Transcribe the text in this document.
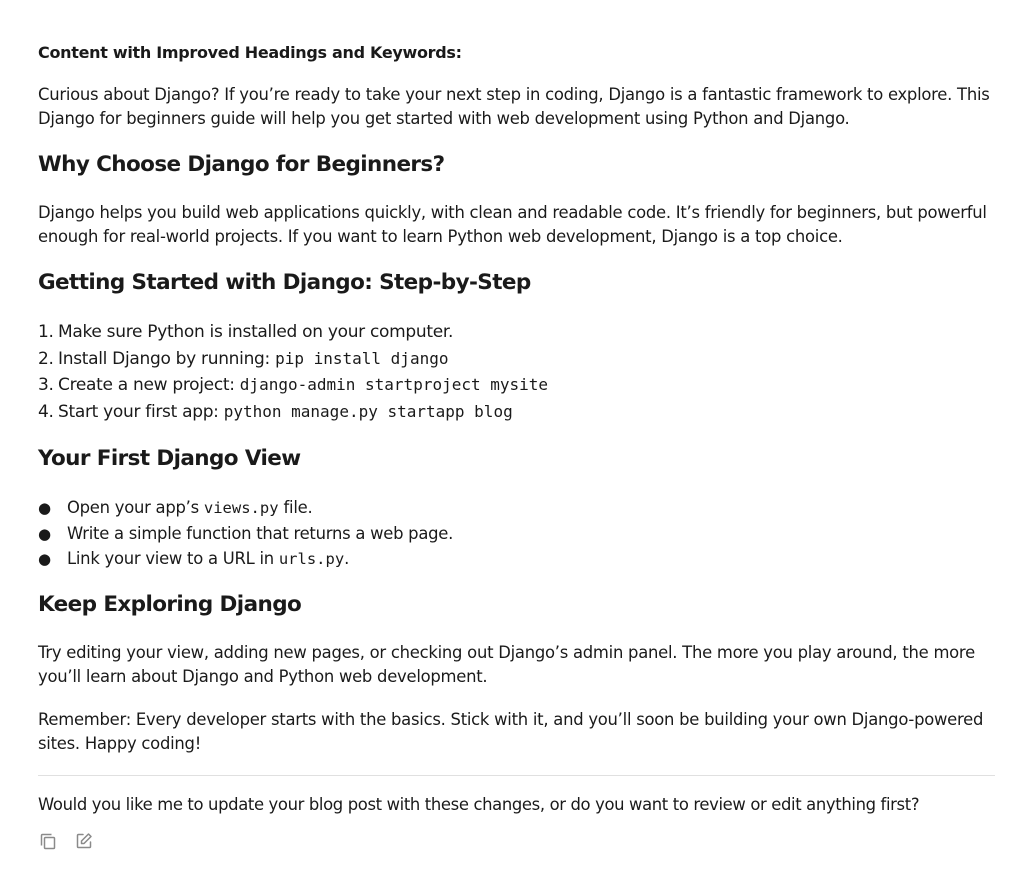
Content with Improved Headings and Keywords:

Curious about Django? If you’re ready to take your next step in coding, Django is a fantastic framework to explore. This Django for beginners guide will help you get started with web development using Python and Django.

Why Choose Django for Beginners?

Django helps you build web applications quickly, with clean and readable code. It’s friendly for beginners, but powerful enough for real-world projects. If you want to learn Python web development, Django is a top choice.

Getting Started with Django: Step-by-Step
1. Make sure Python is installed on your computer.
2. Install Django by running: pip install django
3. Create a new project: django-admin startproject mysite
4. Start your first app: python manage.py startapp blog
Your First Django View
● Open your app’s views.py file.
● Write a simple function that returns a web page.
● Link your view to a URL in urls.py.
Keep Exploring Django

Try editing your view, adding new pages, or checking out Django’s admin panel. The more you play around, the more you’ll learn about Django and Python web development.

Remember: Every developer starts with the basics. Stick with it, and you’ll soon be building your own Django-powered sites. Happy coding!

Would you like me to update your blog post with these changes, or do you want to review or edit anything first?
